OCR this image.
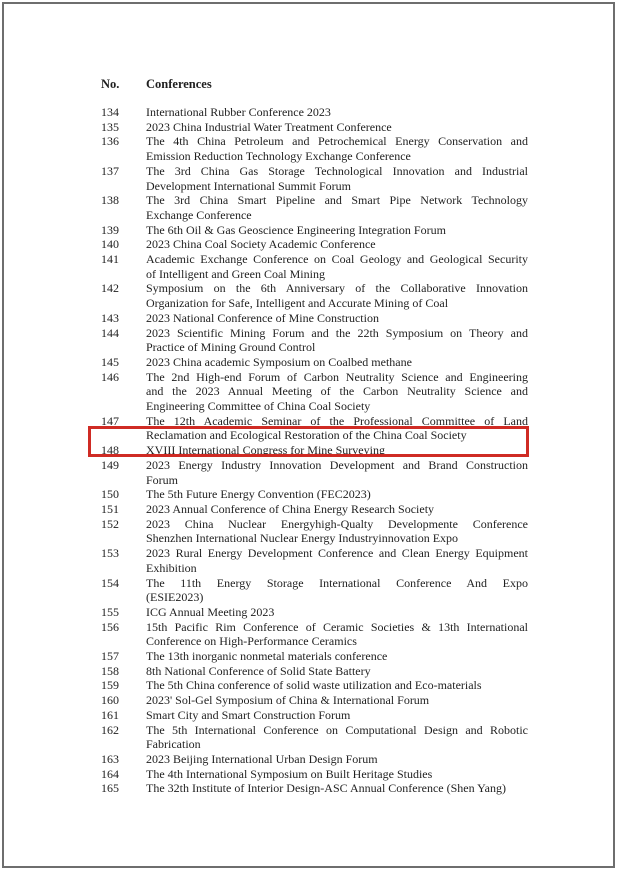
No.	Conferences
134	International Rubber Conference 2023
135	2023 China Industrial Water Treatment Conference
136	The 4th China Petroleum and Petrochemical Energy Conservation and
Emission Reduction Technology Exchange Conference
137	The 3rd China Gas Storage Technological Innovation and Industrial
Development International Summit Forum
138	The 3rd China Smart Pipeline and Smart Pipe Network Technology
Exchange Conference
139	The 6th Oil & Gas Geoscience Engineering Integration Forum
140	2023 China Coal Society Academic Conference
141	Academic Exchange Conference on Coal Geology and Geological Security
of Intelligent and Green Coal Mining
142	Symposium on the 6th Anniversary of the Collaborative Innovation
Organization for Safe, Intelligent and Accurate Mining of Coal
143	2023 National Conference of Mine Construction
144	2023 Scientific Mining Forum and the 22th Symposium on Theory and
Practice of Mining Ground Control
145	2023 China academic Symposium on Coalbed methane
146	The 2nd High-end Forum of Carbon Neutrality Science and Engineering
and the 2023 Annual Meeting of the Carbon Neutrality Science and
Engineering Committee of China Coal Society
147	The 12th Academic Seminar of the Professional Committee of Land
Reclamation and Ecological Restoration of the China Coal Society
148	XVIII International Congress for Mine Surveying
149	2023 Energy Industry Innovation Development and Brand Construction
Forum
150	The 5th Future Energy Convention (FEC2023)
151	2023 Annual Conference of China Energy Research Society
152	2023 China Nuclear Energyhigh-Qualty Developmente Conference
Shenzhen International Nuclear Energy Industryinnovation Expo
153	2023 Rural Energy Development Conference and Clean Energy Equipment
Exhibition
154	The 11th Energy Storage International Conference And Expo
(ESIE2023)
155	ICG Annual Meeting 2023
156	15th Pacific Rim Conference of Ceramic Societies & 13th International
Conference on High-Performance Ceramics
157	The 13th inorganic nonmetal materials conference
158	8th National Conference of Solid State Battery
159	The 5th China conference of solid waste utilization and Eco-materials
160	2023' Sol-Gel Symposium of China & International Forum
161	Smart City and Smart Construction Forum
162	The 5th International Conference on Computational Design and Robotic
Fabrication
163	2023 Beijing International Urban Design Forum
164	The 4th International Symposium on Built Heritage Studies
165	The 32th Institute of Interior Design-ASC Annual Conference (Shen Yang)
